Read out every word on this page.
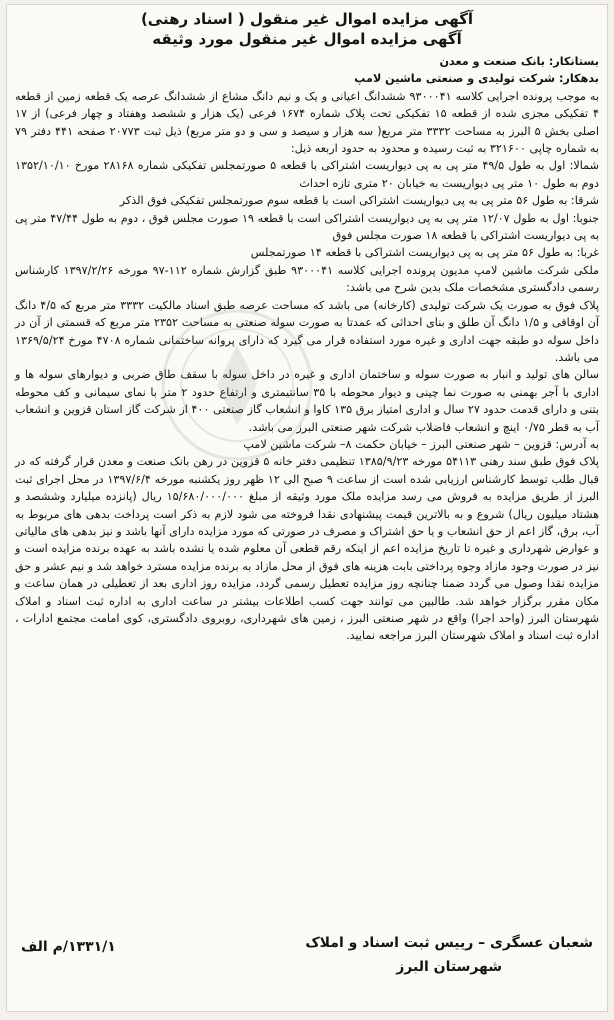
آگهی مزایده اموال غیر منقول ( اسناد رهنی)
آگهی مزایده اموال غیر منقول مورد وثیقه

بستانکار: بانک صنعت و معدن

بدهکار: شرکت تولیدی و صنعتی ماشین لامپ

به موجب پرونده اجرایی کلاسه ۹۳۰۰۰۴۱ ششدانگ اعیانی و یک و نیم دانگ مشاع از ششدانگ عرصه یک قطعه زمین از قطعه ۴ تفکیکی مجزی شده از قطعه ۱۵ تفکیکی تحت پلاک شماره ۱۶۷۴ فرعی (یک هزار و ششصد وهفتاد و چهار فرعی) از ۱۷ اصلی بخش ۵ البرز به مساحت ۳۳۳۲ متر مربع( سه هزار و سیصد و سی و دو متر مربع) ذیل ثبت ۲۰۷۷۳ صفحه ۴۴۱ دفتر ۷۹ به شماره چاپی ۳۲۱۶۰۰ به ثبت رسیده و محدود به حدود اربعه ذیل:

شمالا: اول به طول ۴۹/۵ متر پی به پی دیواریست اشتراکی با قطعه ۵ صورتمجلس تفکیکی شماره ۲۸۱۶۸ مورخ ۱۳۵۲/۱۰/۱۰ دوم به طول ۱۰ متر پی دیواریست به خیابان ۲۰ متری تازه احداث

شرقا: به طول ۵۶ متر پی به پی دیواریست اشتراکی است با قطعه سوم صورتمجلس تفکیکی فوق الذکر

جنوبا: اول به طول ۱۲/۰۷ متر پی به پی دیواریست اشتراکی است با قطعه ۱۹ صورت مجلس فوق ، دوم به طول ۴۷/۴۴ متر پی به پی دیواریست اشتراکی با قطعه ۱۸ صورت مجلس فوق

غربا: به طول ۵۶ متر پی به پی دیواریست اشتراکی با قطعه ۱۴ صورتمجلس

ملکی شرکت ماشین لامپ مدیون پرونده اجرایی کلاسه ۹۳۰۰۰۴۱ طبق گزارش شماره ۱۱۲-۹۷ مورخه ۱۳۹۷/۲/۲۶ کارشناس رسمی دادگستری مشخصات ملک بدین شرح می باشد:

پلاک فوق به صورت یک شرکت تولیدی (کارخانه) می باشد که مساحت عرصه طبق اسناد مالکیت ۳۳۳۲ متر مربع که ۴/۵ دانگ آن اوقافی و ۱/۵ دانگ آن طلق و بنای احداثی که عمدتا به صورت سوله صنعتی به مساحت ۲۳۵۲ متر مربع که قسمتی از آن در داخل سوله دو طبقه جهت اداری و غیره مورد استفاده قرار می گیرد که دارای پروانه ساختمانی شماره ۴۷۰۸ مورخ ۱۳۶۹/۵/۲۴ می باشد.

سالن های تولید و انبار به صورت سوله و ساختمان اداری و غیره در داخل سوله با سقف طاق ضربی و دیوارهای سوله ها و اداری با آجر بهمنی به صورت نما چینی و دیوار محوطه با ۳۵ سانتیمتری و ارتفاع حدود ۲ متر با نمای سیمانی و کف محوطه بتنی و دارای قدمت حدود ۲۷ سال و اداری امتیاز برق ۱۳۵ کاوا و انشعاب گاز صنعتی ۴۰۰ از شرکت گاز استان قزوین و انشعاب آب به قطر ۰/۷۵ اینچ و انشعاب فاضلاب شرکت شهر صنعتی البرز می باشد.

به آدرس: قزوین – شهر صنعتی البرز – خیابان حکمت ۸– شرکت ماشین لامپ

پلاک فوق طبق سند رهنی ۵۴۱۱۳ مورخه ۱۳۸۵/۹/۲۳ تنظیمی دفتر خانه ۵ قزوین در رهن بانک صنعت و معدن قرار گرفته که در قبال طلب توسط کارشناس ارزیابی شده است از ساعت ۹ صبح الی ۱۲ ظهر روز یکشنبه مورخه ۱۳۹۷/۶/۴ در محل اجرای ثبت البرز از طریق مزایده به فروش می رسد مزایده ملک مورد وثیقه از مبلغ ۱۵/۶۸۰/۰۰۰/۰۰۰ ریال (پانزده میلیارد وششصد و هشتاد میلیون ریال) شروع و به بالاترین قیمت پیشنهادی نقدا فروخته می شود لازم به ذکر است پرداخت بدهی های مربوط به آب، برق، گاز اعم از حق انشعاب و یا حق اشتراک و مصرف در صورتی که مورد مزایده دارای آنها باشد و نیز بدهی های مالیاتی و عوارض شهرداری و غیره تا تاریخ مزایده اعم از اینکه رقم قطعی آن معلوم شده یا نشده باشد به عهده برنده مزایده است و نیز در صورت وجود مازاد وجوه پرداختی بابت هزینه های فوق از محل مازاد به برنده مزایده مسترد خواهد شد و نیم عشر و حق مزایده نقدا وصول می گردد ضمنا چنانچه روز مزایده تعطیل رسمی گردد، مزایده روز اداری بعد از تعطیلی در همان ساعت و مکان مقرر برگزار خواهد شد. طالبین می توانند جهت کسب اطلاعات بیشتر در ساعت اداری به اداره ثبت اسناد و املاک شهرستان البرز (واحد اجرا) واقع در شهر صنعتی البرز ، زمین های شهرداری، روبروی دادگستری، کوی امامت مجتمع ادارات ، اداره ثبت اسناد و املاک شهرستان البرز مراجعه نمایید.

۱۳۳۱/۱/م الف	شعبان عسگری – رییس ثبت اسناد و املاک
شهرستان البرز
